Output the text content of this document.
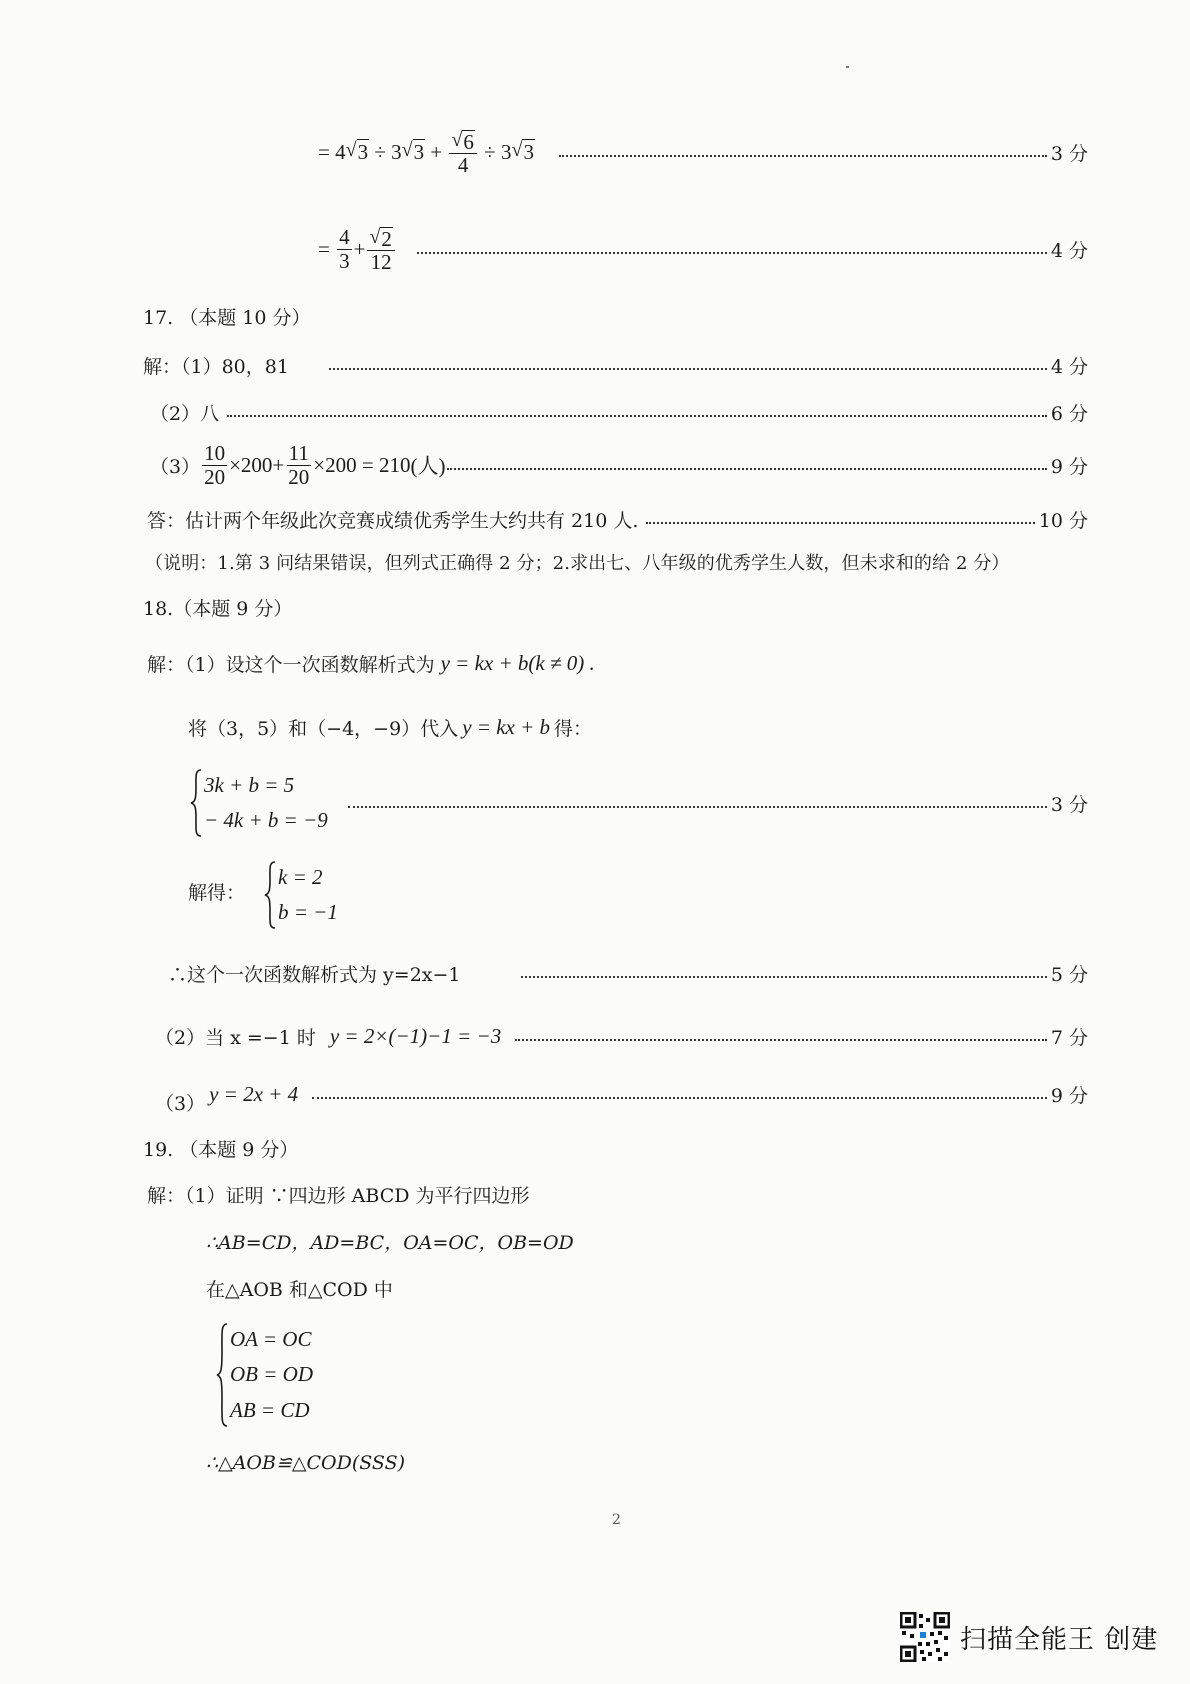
= 4 √ 3 ÷ 3 √ $3 + \frac{√ 6}{4} \div 3$ √ 3	3 分
= $\frac{4}{3} + \frac{√ 2}{12}$	4 分
17. （本题 10 分）
解：（1）80，81	4 分
（2）八	6 分
$(3) \frac{10}{20} \times 200+ \frac{11}{20} \times 200 = 210$ (人)	9 分
答：估计两个年级此次竞赛成绩优秀学生大约共有 210 人.	10 分
（说明：1.第 3 问结果错误，但列式正确得 2 分；2.求出七、八年级的优秀学生人数，但未求和的给 2 分）
18.（本题 9 分）
解：（1）设这个一次函数解析式为 y = kx + b(k ≠ 0) .
将（3，5）和（−4，−9）代入 y = kx + b 得：
3k + b = 5
− 4k + b = −9
3 分
解得：
k = 2
b = −1
∴这个一次函数解析式为 y=2x−1	5 分
（2）当 x =−1 时 y = 2×(−1)−1 = −3	7 分
（3） y = 2x + 4	9 分
19. （本题 9 分）
解：（1）证明 ∵四边形 ABCD 为平行四边形
∴AB=CD，AD=BC，OA=OC，OB=OD
在△AOB 和△COD 中
OA = OC
OB = OD
AB = CD
∴△AOB≌△COD(SSS)
2
扫描全能王 创建
